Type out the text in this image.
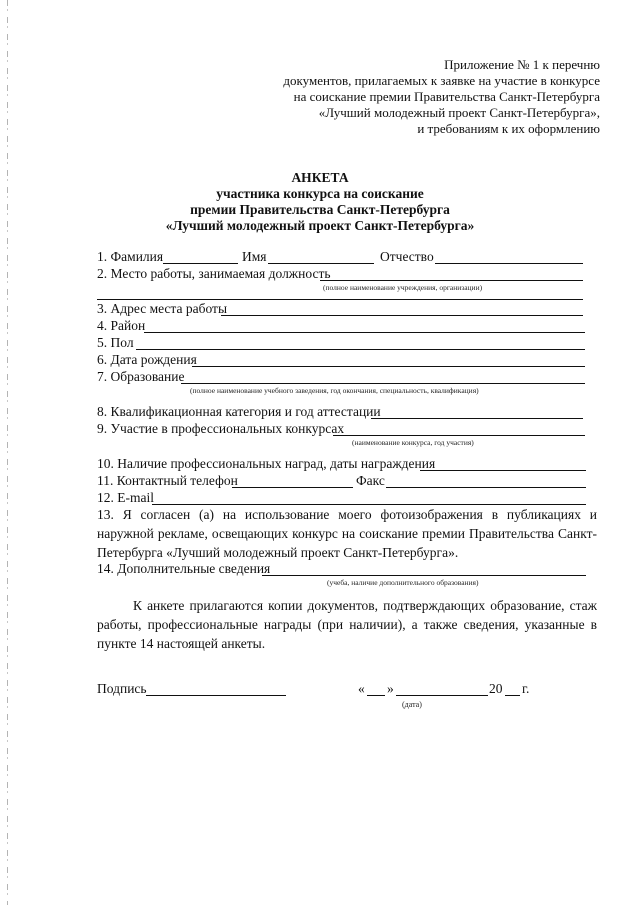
Приложение № 1 к перечню
документов, прилагаемых к заявке на участие в конкурсе
на соискание премии Правительства Санкт-Петербурга
«Лучший молодежный проект Санкт-Петербурга»,
и требованиям к их оформлению
АНКЕТА
участника конкурса на соискание
премии Правительства Санкт-Петербурга
«Лучший молодежный проект Санкт-Петербурга»
1. Фамилия	Имя	Отчество
2. Место работы, занимаемая должность
(полное наименование учреждения, организации)
3. Адрес места работы
4. Район
5. Пол
6. Дата рождения
7. Образование
(полное наименование учебного заведения, год окончания, специальность, квалификация)
8. Квалификационная категория и год аттестации
9. Участие в профессиональных конкурсах
(наименование конкурса, год участия)
10. Наличие профессиональных наград, даты награждения
11. Контактный телефон	Факс
12. E-mail
13. Я согласен (а) на использование моего фотоизображения в публикациях и наружной рекламе, освещающих конкурс на соискание премии Правительства Санкт-Петербурга «Лучший молодежный проект Санкт-Петербурга».
14. Дополнительные сведения
(учеба, наличие дополнительного образования)
К анкете прилагаются копии документов, подтверждающих образование, стаж работы, профессиональные награды (при наличии), а также сведения, указанные в пункте 14 настоящей анкеты.
Подпись	« »	20 г.
(дата)
